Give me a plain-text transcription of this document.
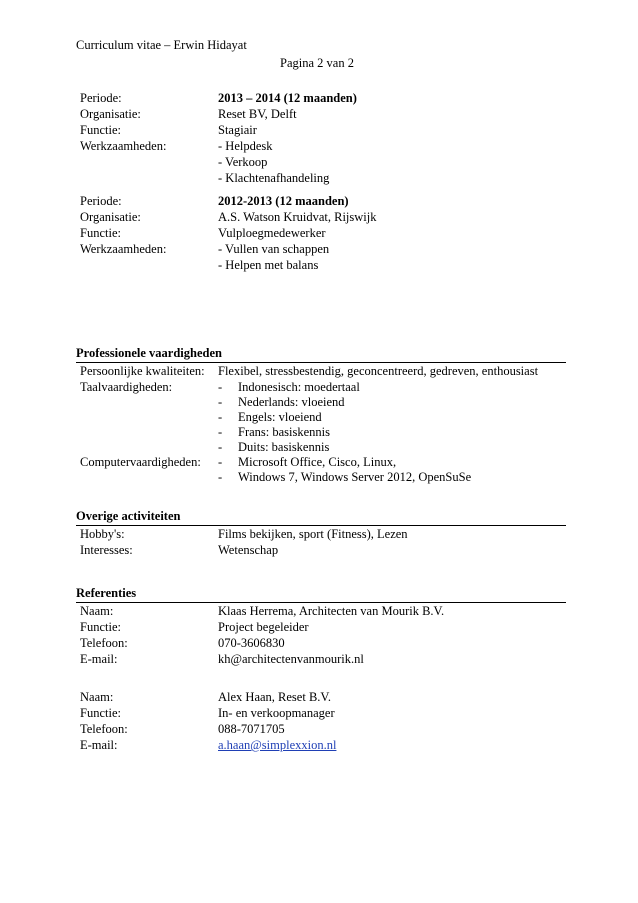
Curriculum vitae – Erwin Hidayat
Pagina 2 van 2
Periode:	2013 – 2014 (12 maanden)
Organisatie:	Reset BV, Delft
Functie:	Stagiair
Werkzaamheden:	- Helpdesk
- Verkoop
- Klachtenafhandeling
Periode:	2012-2013 (12 maanden)
Organisatie:	A.S. Watson Kruidvat, Rijswijk
Functie:	Vulploegmedewerker
Werkzaamheden:	- Vullen van schappen
- Helpen met balans
Professionele vaardigheden
Persoonlijke kwaliteiten: Flexibel, stressbestendig, geconcentreerd, gedreven, enthousiast
Taalvaardigheden:	- Indonesisch: moedertaal
- Nederlands: vloeiend
- Engels: vloeiend
- Frans: basiskennis
- Duits: basiskennis
Computervaardigheden: - Microsoft Office, Cisco, Linux,
- Windows 7, Windows Server 2012, OpenSuSe
Overige activiteiten
Hobby's:	Films bekijken, sport (Fitness), Lezen
Interesses:	Wetenschap
Referenties
Naam:	Klaas Herrema, Architecten van Mourik B.V.
Functie:	Project begeleider
Telefoon:	070-3606830
E-mail:	kh@architectenvanmourik.nl
Naam:	Alex Haan, Reset B.V.
Functie:	In- en verkoopmanager
Telefoon:	088-7071705
E-mail:	a.haan@simplexxion.nl
